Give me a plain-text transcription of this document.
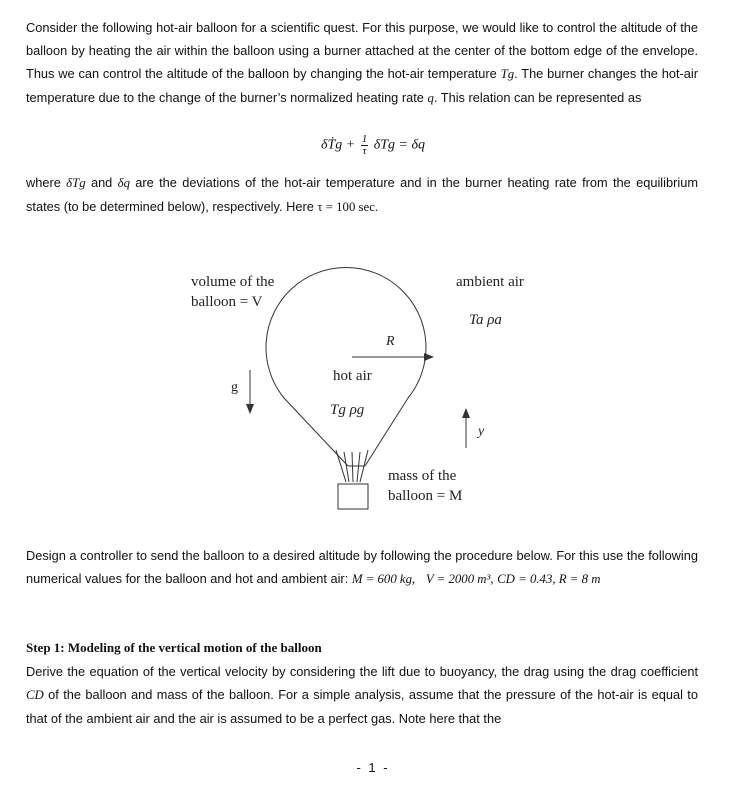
Consider the following hot-air balloon for a scientific quest. For this purpose, we would like to control the altitude of the balloon by heating the air within the balloon using a burner attached at the center of the bottom edge of the envelope. Thus we can control the altitude of the balloon by changing the hot-air temperature Tg. The burner changes the hot-air temperature due to the change of the burner’s normalized heating rate q. This relation can be represented as

δṪg + $\frac{1}{\tau}$ δTg = δq

where δTg and δq are the deviations of the hot-air temperature and in the burner heating rate from the equilibrium states (to be determined below), respectively. Here τ = 100 sec.

volume of the
balloon = V
ambient air
Ta ρa
R
hot air
Tg ρg
g
y
mass of the
balloon = M

Design a controller to send the balloon to a desired altitude by following the procedure below. For this use the following numerical values for the balloon and hot and ambient air: M = 600 kg, V = 2000 m³, CD = 0.43, R = 8 m

Step 1: Modeling of the vertical motion of the balloon

Derive the equation of the vertical velocity by considering the lift due to buoyancy, the drag using the drag coefficient CD of the balloon and mass of the balloon. For a simple analysis, assume that the pressure of the hot-air is equal to that of the ambient air and the air is assumed to be a perfect gas. Note here that the

- 1 -
